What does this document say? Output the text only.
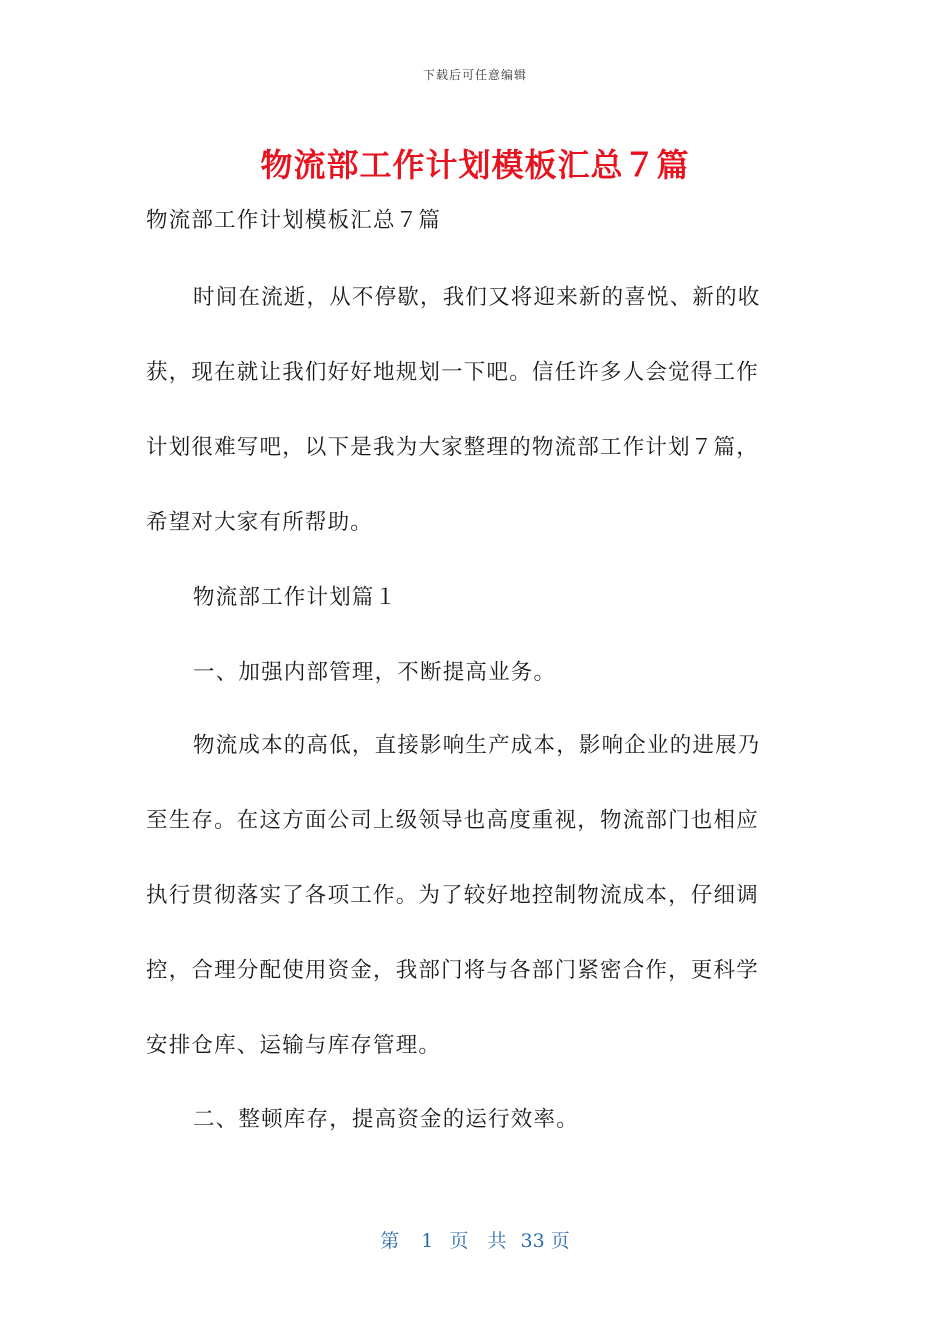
下载后可任意编辑
物流部工作计划模板汇总７篇
物流部工作计划模板汇总７篇
时间在流逝，从不停歇，我们又将迎来新的喜悦、新的收
获，现在就让我们好好地规划一下吧。信任许多人会觉得工作
计划很难写吧，以下是我为大家整理的物流部工作计划７篇，
希望对大家有所帮助。
物流部工作计划篇１
一、加强内部管理，不断提高业务。
物流成本的高低，直接影响生产成本，影响企业的进展乃
至生存。在这方面公司上级领导也高度重视，物流部门也相应
执行贯彻落实了各项工作。为了较好地控制物流成本，仔细调
控，合理分配使用资金，我部门将与各部门紧密合作，更科学
安排仓库、运输与库存管理。
二、整顿库存，提高资金的运行效率。
第 1 页　共 33 页
